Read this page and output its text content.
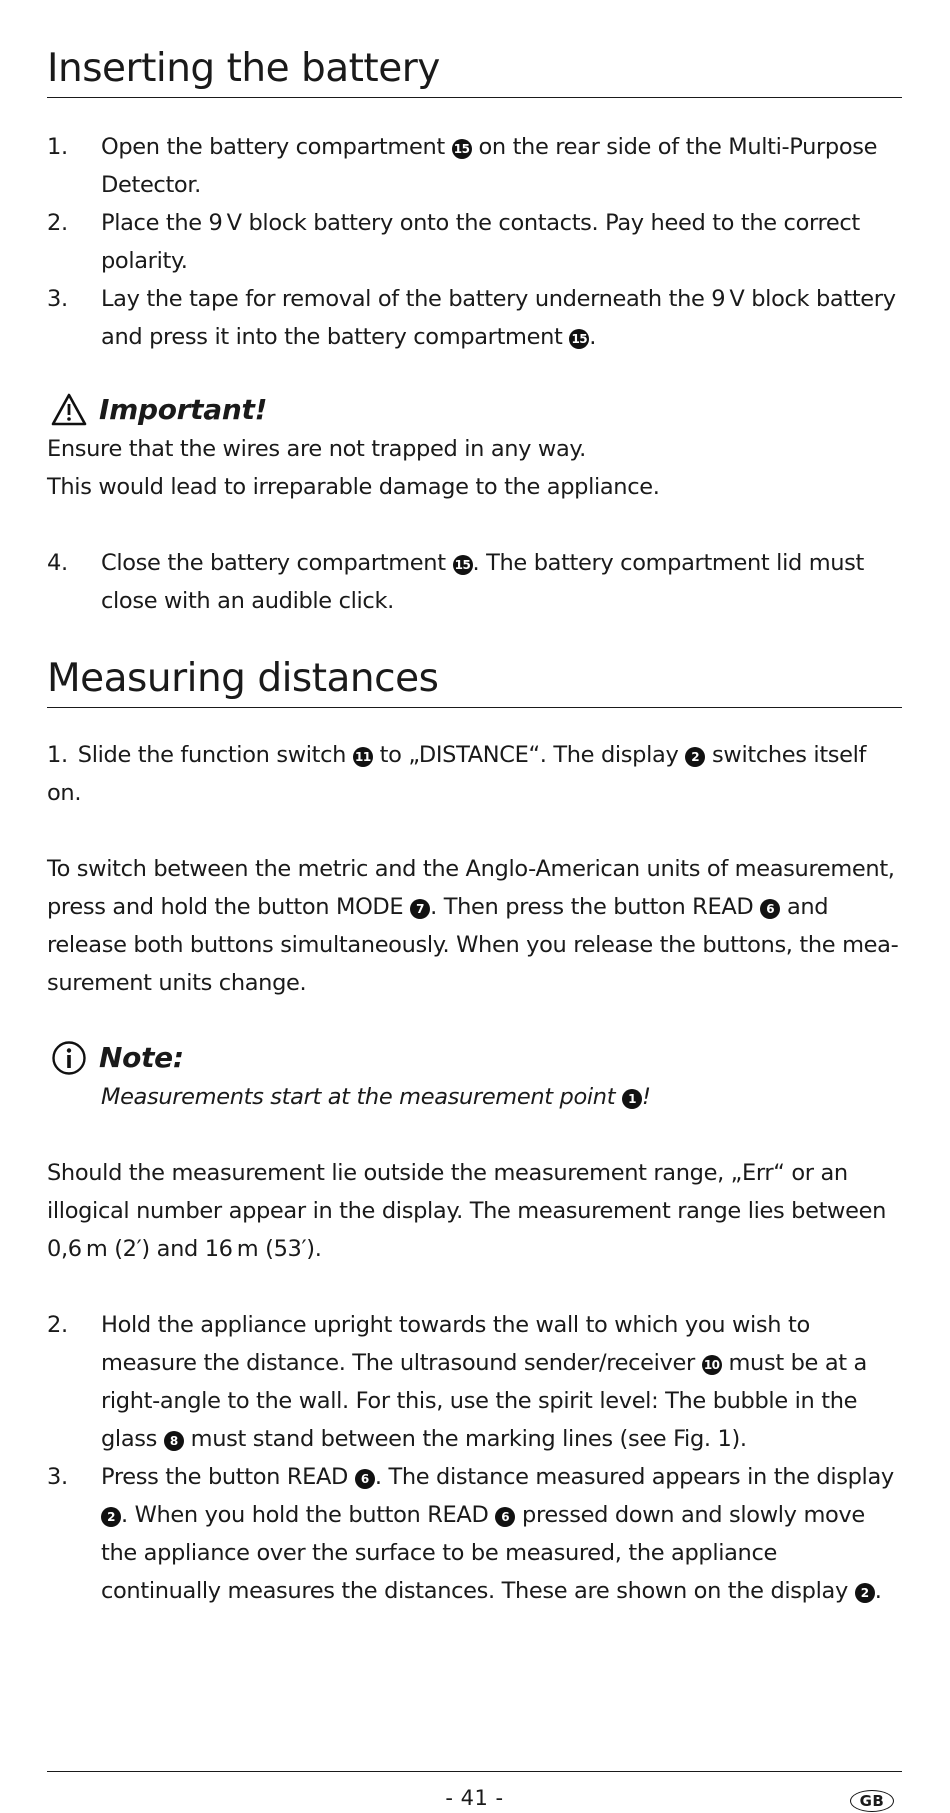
Inserting the battery
1. Open the battery compartment 15 on the rear side of the Multi-Purpose Detector.
2. Place the 9 V block battery onto the contacts. Pay heed to the correct polarity.
3. Lay the tape for removal of the battery underneath the 9 V block battery and press it into the battery compartment 15.
Important!
Ensure that the wires are not trapped in any way.
This would lead to irreparable damage to the appliance.
4. Close the battery compartment 15. The battery compartment lid must close with an audible click.
Measuring distances
1. Slide the function switch 11 to „DISTANCE“. The display 2 switches itself on.
To switch between the metric and the Anglo-American units of measurement, press and hold the button MODE 7 . Then press the button READ 6 and release both buttons simultaneously. When you release the buttons, the mea-surement units change.
Note:
Measurements start at the measurement point 1 !
Should the measurement lie outside the measurement range, „Err“ or an illogical number appear in the display. The measurement range lies between 0,6 m (2′) and 16 m (53′).
2. Hold the appliance upright towards the wall to which you wish to measure the distance. The ultrasound sender/receiver 10 must be at a right-angle to the wall. For this, use the spirit level: The bubble in the glass 8 must stand between the marking lines (see Fig. 1).
3. Press the button READ 6 . The distance measured appears in the display 2 . When you hold the button READ 6 pressed down and slowly move the appliance over the surface to be measured, the appliance continually measures the distances. These are shown on the display 2 .
- 41 -	GB
